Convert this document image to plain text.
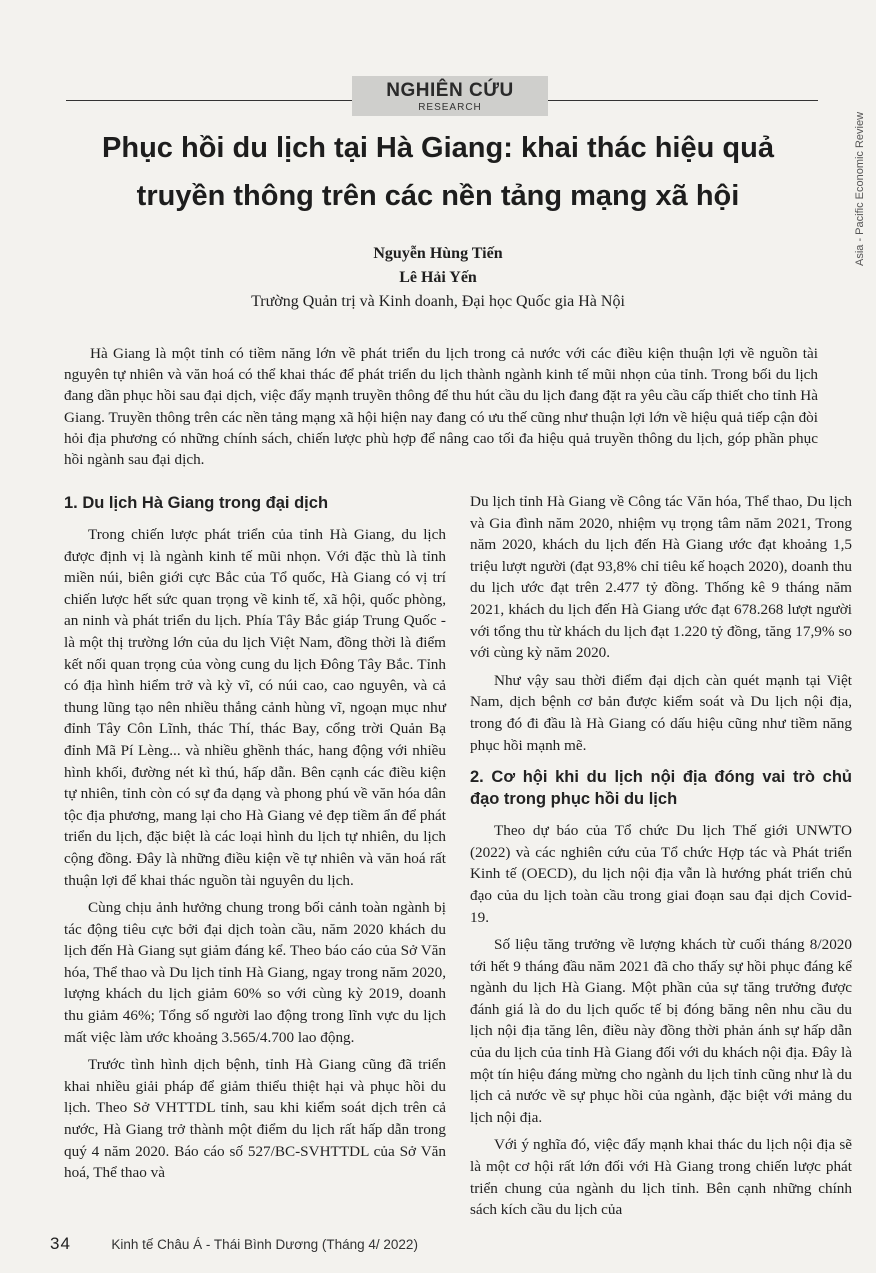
NGHIÊN CỨU
RESEARCH
Asia - Pacific Economic Review
Phục hồi du lịch tại Hà Giang: khai thác hiệu quả truyền thông trên các nền tảng mạng xã hội
Nguyễn Hùng Tiến
Lê Hải Yến
Trường Quản trị và Kinh doanh, Đại học Quốc gia Hà Nội

Hà Giang là một tỉnh có tiềm năng lớn về phát triển du lịch trong cả nước với các điều kiện thuận lợi về nguồn tài nguyên tự nhiên và văn hoá có thể khai thác để phát triển du lịch thành ngành kinh tế mũi nhọn của tỉnh. Trong bối du lịch đang dần phục hồi sau đại dịch, việc đẩy mạnh truyền thông để thu hút cầu du lịch đang đặt ra yêu cầu cấp thiết cho tỉnh Hà Giang. Truyền thông trên các nền tảng mạng xã hội hiện nay đang có ưu thế cũng như thuận lợi lớn về hiệu quả tiếp cận đòi hỏi địa phương có những chính sách, chiến lược phù hợp để nâng cao tối đa hiệu quả truyền thông du lịch, góp phần phục hồi ngành sau đại dịch.

1. Du lịch Hà Giang trong đại dịch

Trong chiến lược phát triển của tỉnh Hà Giang, du lịch được định vị là ngành kinh tế mũi nhọn. Với đặc thù là tỉnh miền núi, biên giới cực Bắc của Tổ quốc, Hà Giang có vị trí chiến lược hết sức quan trọng về kinh tế, xã hội, quốc phòng, an ninh và phát triển du lịch. Phía Tây Bắc giáp Trung Quốc - là một thị trường lớn của du lịch Việt Nam, đồng thời là điểm kết nối quan trọng của vòng cung du lịch Đông Tây Bắc. Tỉnh có địa hình hiểm trở và kỳ vĩ, có núi cao, cao nguyên, và cả thung lũng tạo nên nhiều thắng cảnh hùng vĩ, ngoạn mục như đỉnh Tây Côn Lĩnh, thác Thí, thác Bay, cổng trời Quản Bạ đỉnh Mã Pí Lèng... và nhiều ghềnh thác, hang động với nhiều hình khối, đường nét kì thú, hấp dẫn. Bên cạnh các điều kiện tự nhiên, tỉnh còn có sự đa dạng và phong phú về văn hóa dân tộc địa phương, mang lại cho Hà Giang vẻ đẹp tiềm ẩn để phát triển du lịch, đặc biệt là các loại hình du lịch tự nhiên, du lịch cộng đồng. Đây là những điều kiện về tự nhiên và văn hoá rất thuận lợi để khai thác nguồn tài nguyên du lịch.

Cùng chịu ảnh hưởng chung trong bối cảnh toàn ngành bị tác động tiêu cực bởi đại dịch toàn cầu, năm 2020 khách du lịch đến Hà Giang sụt giảm đáng kể. Theo báo cáo của Sở Văn hóa, Thể thao và Du lịch tỉnh Hà Giang, ngay trong năm 2020, lượng khách du lịch giảm 60% so với cùng kỳ 2019, doanh thu giảm 46%; Tổng số người lao động trong lĩnh vực du lịch mất việc làm ước khoảng 3.565/4.700 lao động.

Trước tình hình dịch bệnh, tỉnh Hà Giang cũng đã triển khai nhiều giải pháp để giảm thiểu thiệt hại và phục hồi du lịch. Theo Sở VHTTDL tỉnh, sau khi kiểm soát dịch trên cả nước, Hà Giang trở thành một điểm du lịch rất hấp dẫn trong quý 4 năm 2020. Báo cáo số 527/BC-SVHTTDL của Sở Văn hoá, Thể thao và

Du lịch tỉnh Hà Giang về Công tác Văn hóa, Thể thao, Du lịch và Gia đình năm 2020, nhiệm vụ trọng tâm năm 2021, Trong năm 2020, khách du lịch đến Hà Giang ước đạt khoảng 1,5 triệu lượt người (đạt 93,8% chỉ tiêu kế hoạch 2020), doanh thu du lịch ước đạt trên 2.477 tỷ đồng. Thống kê 9 tháng năm 2021, khách du lịch đến Hà Giang ước đạt 678.268 lượt người với tổng thu từ khách du lịch đạt 1.220 tỷ đồng, tăng 17,9% so với cùng kỳ năm 2020.

Như vậy sau thời điểm đại dịch càn quét mạnh tại Việt Nam, dịch bệnh cơ bản được kiểm soát và Du lịch nội địa, trong đó đi đầu là Hà Giang có dấu hiệu cũng như tiềm năng phục hồi mạnh mẽ.

2. Cơ hội khi du lịch nội địa đóng vai trò chủ đạo trong phục hồi du lịch

Theo dự báo của Tổ chức Du lịch Thế giới UNWTO (2022) và các nghiên cứu của Tổ chức Hợp tác và Phát triển Kinh tế (OECD), du lịch nội địa vẫn là hướng phát triển chủ đạo của du lịch toàn cầu trong giai đoạn sau đại dịch Covid-19.

Số liệu tăng trưởng về lượng khách từ cuối tháng 8/2020 tới hết 9 tháng đầu năm 2021 đã cho thấy sự hồi phục đáng kể ngành du lịch Hà Giang. Một phần của sự tăng trưởng được đánh giá là do du lịch quốc tế bị đóng băng nên nhu cầu du lịch nội địa tăng lên, điều này đồng thời phản ánh sự hấp dẫn của du lịch của tỉnh Hà Giang đối với du khách nội địa. Đây là một tín hiệu đáng mừng cho ngành du lịch tỉnh cũng như là du lịch cả nước về sự phục hồi của ngành, đặc biệt với mảng du lịch nội địa.

Với ý nghĩa đó, việc đẩy mạnh khai thác du lịch nội địa sẽ là một cơ hội rất lớn đối với Hà Giang trong chiến lược phát triển chung của ngành du lịch tỉnh. Bên cạnh những chính sách kích cầu du lịch của

34	Kinh tế Châu Á - Thái Bình Dương (Tháng 4/ 2022)
